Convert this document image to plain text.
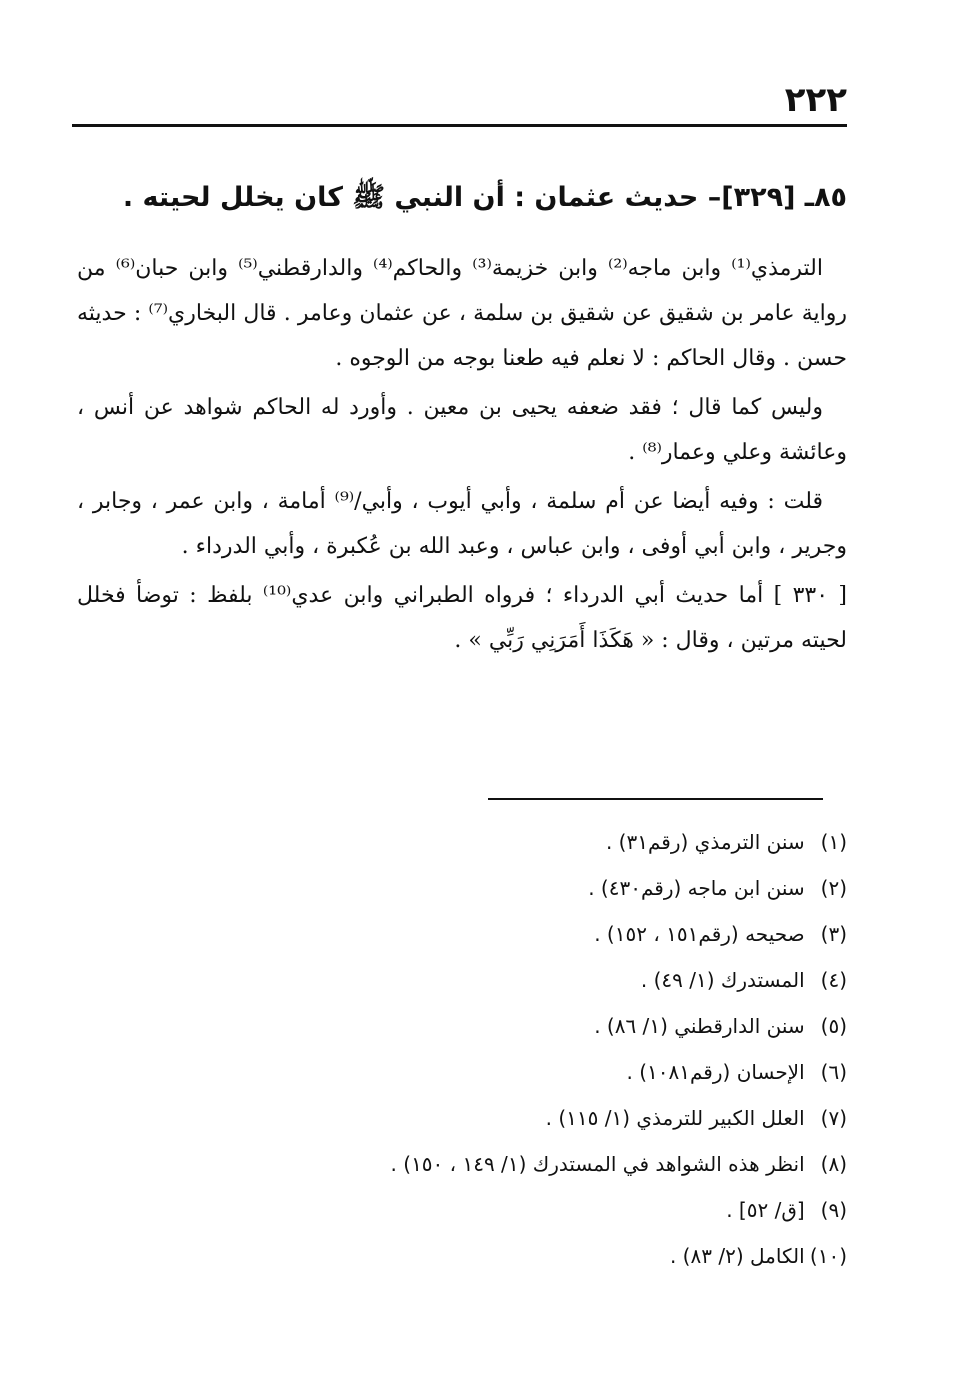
٢٢٢
٨٥ـ [٣٢٩]– حديث عثمان : أن النبي ﷺ كان يخلل لحيته .

الترمذي⁽¹⁾ وابن ماجه⁽²⁾ وابن خزيمة⁽³⁾ والحاكم⁽⁴⁾ والدارقطني⁽⁵⁾ وابن حبان⁽⁶⁾ من رواية عامر بن شقيق عن شقيق بن سلمة ، عن عثمان وعامر . قال البخاري⁽⁷⁾ : حديثه حسن . وقال الحاكم : لا نعلم فيه طعنا بوجه من الوجوه .

وليس كما قال ؛ فقد ضعفه يحيى بن معين . وأورد له الحاكم شواهد عن أنس ، وعائشة وعلي وعمار⁽⁸⁾ .

قلت : وفيه أيضا عن أم سلمة ، وأبي أيوب ، وأبي/⁽⁹⁾ أمامة ، وابن عمر ، وجابر ، وجرير ، وابن أبي أوفى ، وابن عباس ، وعبد الله بن عُكبرة ، وأبي الدرداء .

[ ٣٣٠ ] أما حديث أبي الدرداء ؛ فرواه الطبراني وابن عدي⁽¹⁰⁾ بلفظ : توضأ فخلل لحيته مرتين ، وقال : « هَكَذَا أَمَرَنِي رَبِّي » .

(١) سنن الترمذي (رقم٣١) .
(٢) سنن ابن ماجه (رقم٤٣٠) .
(٣) صحيحه (رقم١٥١ ، ١٥٢) .
(٤) المستدرك (١/ ٤٩) .
(٥) سنن الدارقطني (١/ ٨٦) .
(٦) الإحسان (رقم١٠٨١) .
(٧) العلل الكبير للترمذي (١/ ١١٥) .
(٨) انظر هذه الشواهد في المستدرك (١/ ١٤٩ ، ١٥٠) .
(٩) [ق/ ٥٢] .
(١٠) الكامل (٢/ ٨٣) .
